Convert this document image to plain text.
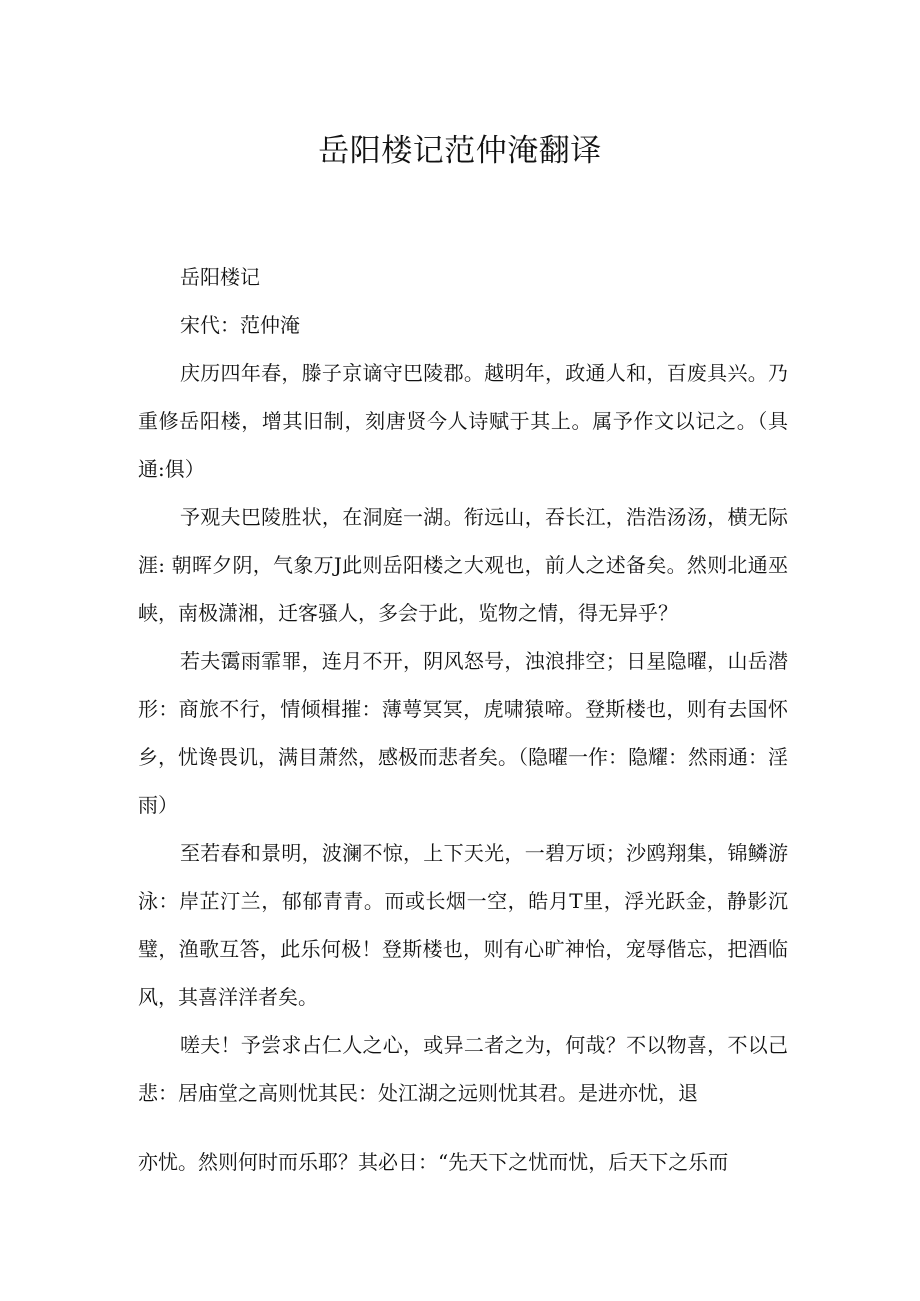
岳阳楼记范仲淹翻译

岳阳楼记

宋代：范仲淹

庆历四年春，滕子京谪守巴陵郡。越明年，政通人和，百废具兴。乃重修岳阳楼，增其旧制，刻唐贤今人诗赋于其上。属予作文以记之。（具通:俱）

予观夫巴陵胜状，在洞庭一湖。衔远山，吞长江，浩浩汤汤，横无际涯: 朝晖夕阴，气象万J此则岳阳楼之大观也，前人之述备矣。然则北通巫峡，南极潇湘，迁客骚人，多会于此，览物之情，得无异乎？

若夫霭雨霏罪，连月不开，阴风怒号，浊浪排空；日星隐曜，山岳潜形：商旅不行，情倾楫摧：薄萼冥冥，虎啸猿啼。登斯楼也，则有去国怀乡，忧谗畏讥，满目萧然，感极而悲者矣。（隐曜一作：隐耀：然雨通：淫雨）

至若春和景明，波澜不惊，上下天光，一碧万顷；沙鸥翔集，锦鳞游泳：岸芷汀兰，郁郁青青。而或长烟一空，皓月T里，浮光跃金，静影沉璧，渔歌互答，此乐何极！登斯楼也，则有心旷神怡，宠辱偕忘，把酒临风，其喜洋洋者矣。

嗟夫！予尝求占仁人之心，或异二者之为，何哉？不以物喜，不以己悲：居庙堂之高则忧其民：处江湖之远则忧其君。是进亦忧，退

亦忧。然则何时而乐耶？其必日：“先天下之忧而忧，后天下之乐而
